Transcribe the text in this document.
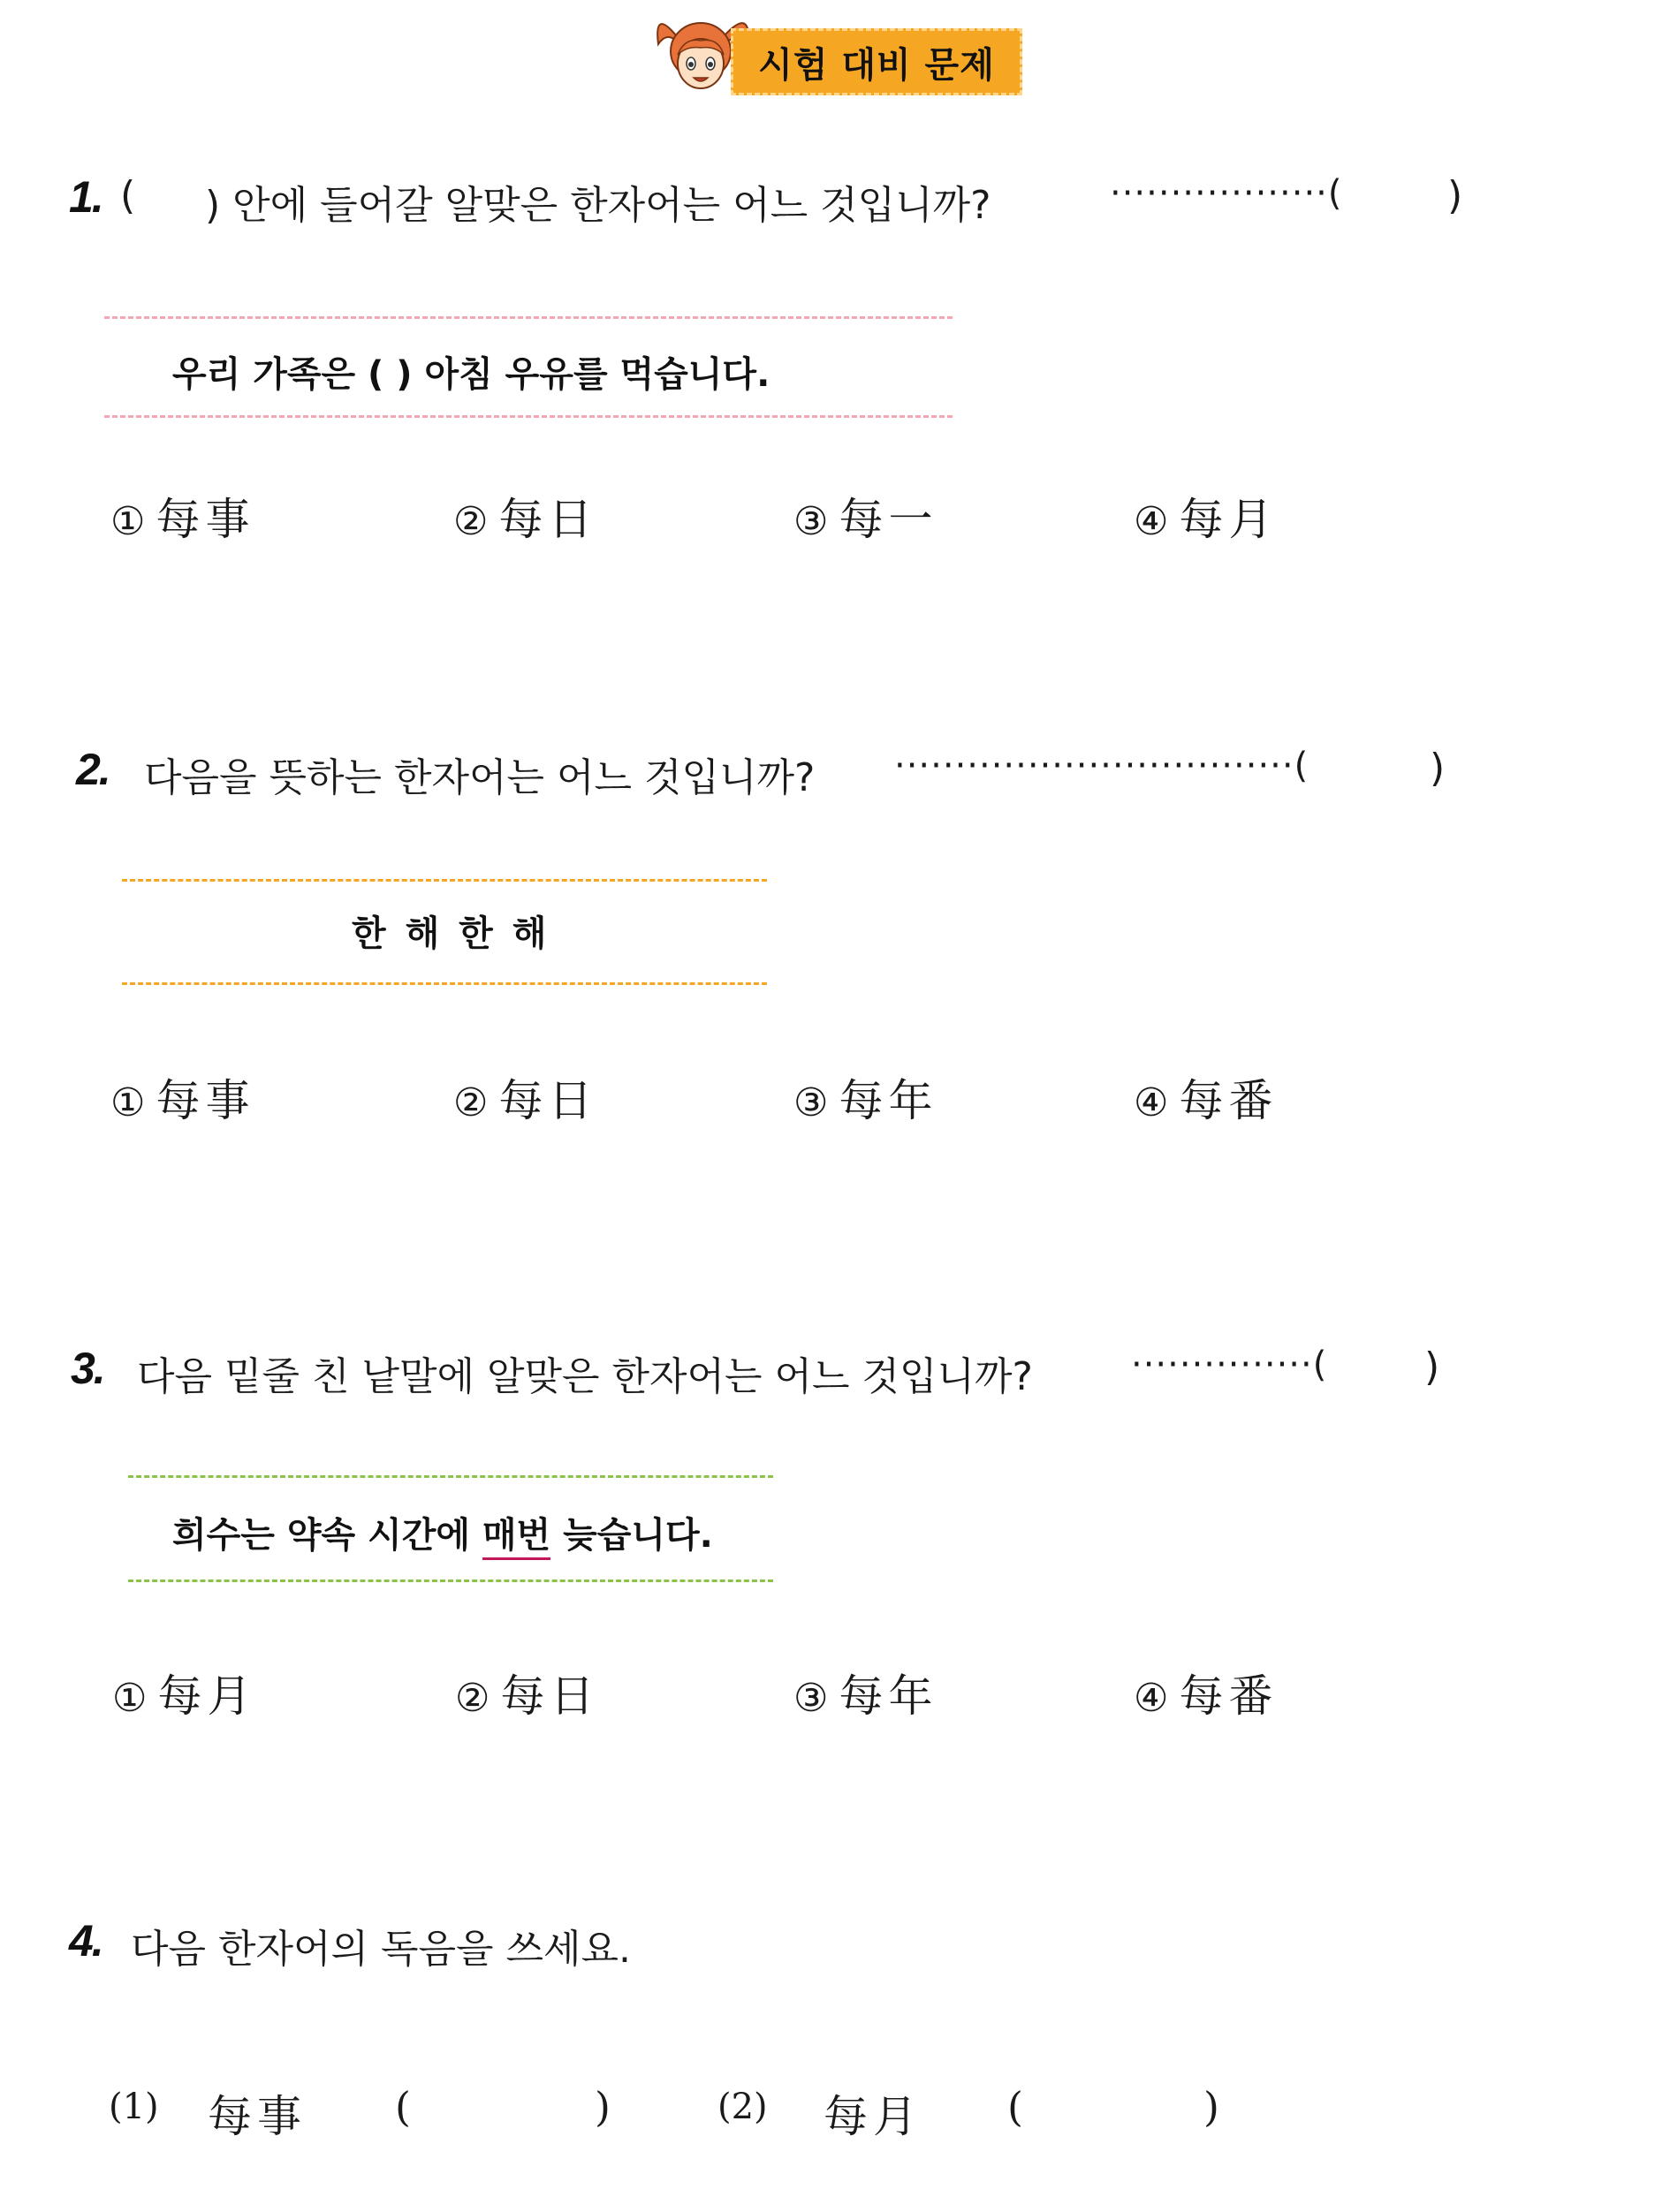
시험 대비 문제
1. ( ) 안에 들어갈 알맞은 한자어는 어느 것입니까?	··················(	)
우리 가족은 ( ) 아침 우유를 먹습니다.
① 每事	② 每日	③ 每一	④ 每月
2. 다음을 뜻하는 한자어는 어느 것입니까? ·································(	)
한 해 한 해
① 每事	② 每日	③ 每年	④ 每番
3. 다음 밑줄 친 낱말에 알맞은 한자어는 어느 것입니까?	···············( )
희수는 약속 시간에 매번 늦습니다.
① 每月	② 每日	③ 每年	④ 每番
4. 다음 한자어의 독음을 쓰세요.
(1) 每事 (	)	(2) 每月 (	)
